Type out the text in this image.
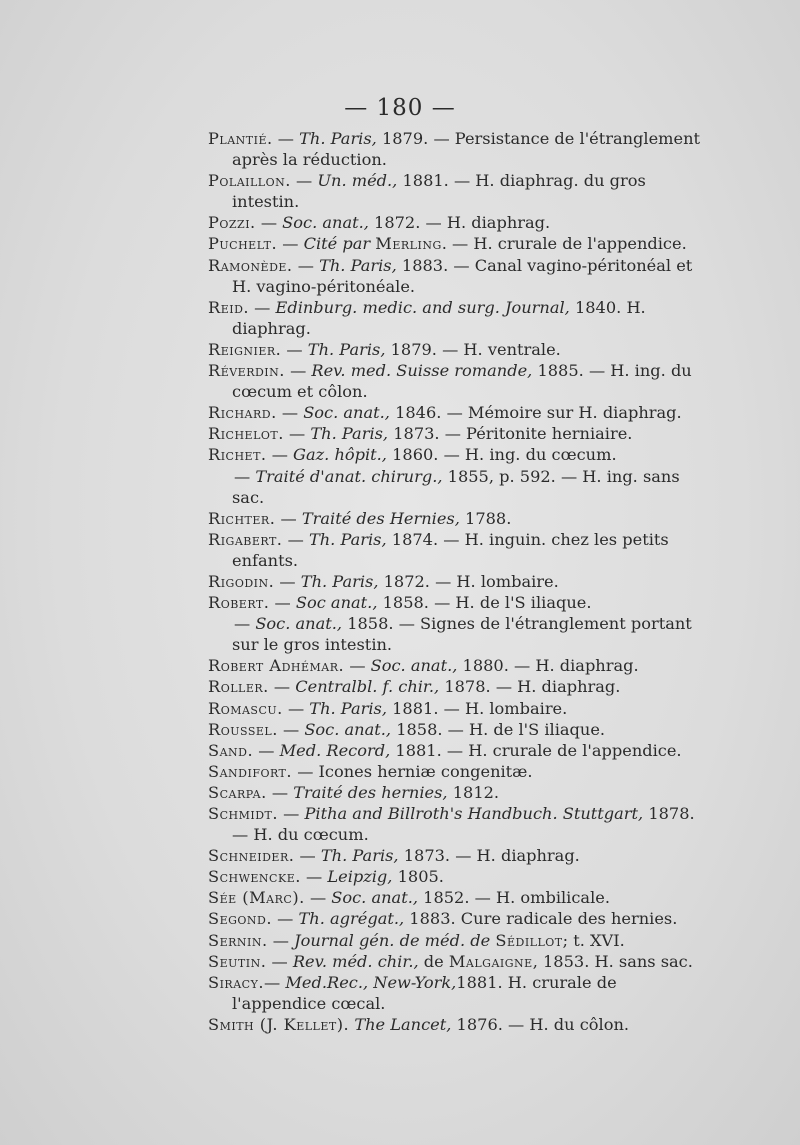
— 180 —
Plantié. — Th. Paris, 1879. — Persistance de l'étranglement après la réduction.
Polaillon. — Un. méd., 1881. — H. diaphrag. du gros intestin.
Pozzi. — Soc. anat., 1872. — H. diaphrag.
Puchelt. — Cité par Merling. — H. crurale de l'appendice.
Ramonède. — Th. Paris, 1883. — Canal vagino-péritonéal et H. vagino-péritonéale.
Reid. — Edinburg. medic. and surg. Journal, 1840. H. diaphrag.
Reignier. — Th. Paris, 1879. — H. ventrale.
Réverdin. — Rev. med. Suisse romande, 1885. — H. ing. du cœcum et côlon.
Richard. — Soc. anat., 1846. — Mémoire sur H. diaphrag.
Richelot. — Th. Paris, 1873. — Péritonite herniaire.
Richet. — Gaz. hôpit., 1860. — H. ing. du cœcum.
— Traité d'anat. chirurg., 1855, p. 592. — H. ing. sans sac.
Richter. — Traité des Hernies, 1788.
Rigabert. — Th. Paris, 1874. — H. inguin. chez les petits enfants.
Rigodin. — Th. Paris, 1872. — H. lombaire.
Robert. — Soc anat., 1858. — H. de l'S iliaque.
— Soc. anat., 1858. — Signes de l'étranglement portant sur le gros intestin.
Robert Adhémar. — Soc. anat., 1880. — H. diaphrag.
Roller. — Centralbl. f. chir., 1878. — H. diaphrag.
Romascu. — Th. Paris, 1881. — H. lombaire.
Roussel. — Soc. anat., 1858. — H. de l'S iliaque.
Sand. — Med. Record, 1881. — H. crurale de l'appendice.
Sandifort. — Icones herniæ congenitæ.
Scarpa. — Traité des hernies, 1812.
Schmidt. — Pitha and Billroth's Handbuch. Stuttgart, 1878. — H. du cœcum.
Schneider. — Th. Paris, 1873. — H. diaphrag.
Schwencke. — Leipzig, 1805.
Sée (Marc). — Soc. anat., 1852. — H. ombilicale.
Segond. — Th. agrégat., 1883. Cure radicale des hernies.
Sernin. — Journal gén. de méd. de Sédillot; t. XVI.
Seutin. — Rev. méd. chir., de Malgaigne, 1853. H. sans sac.
Siracy.— Med.Rec., New-York,1881. H. crurale de l'appendice cœcal.
Smith (J. Kellet). The Lancet, 1876. — H. du côlon.
